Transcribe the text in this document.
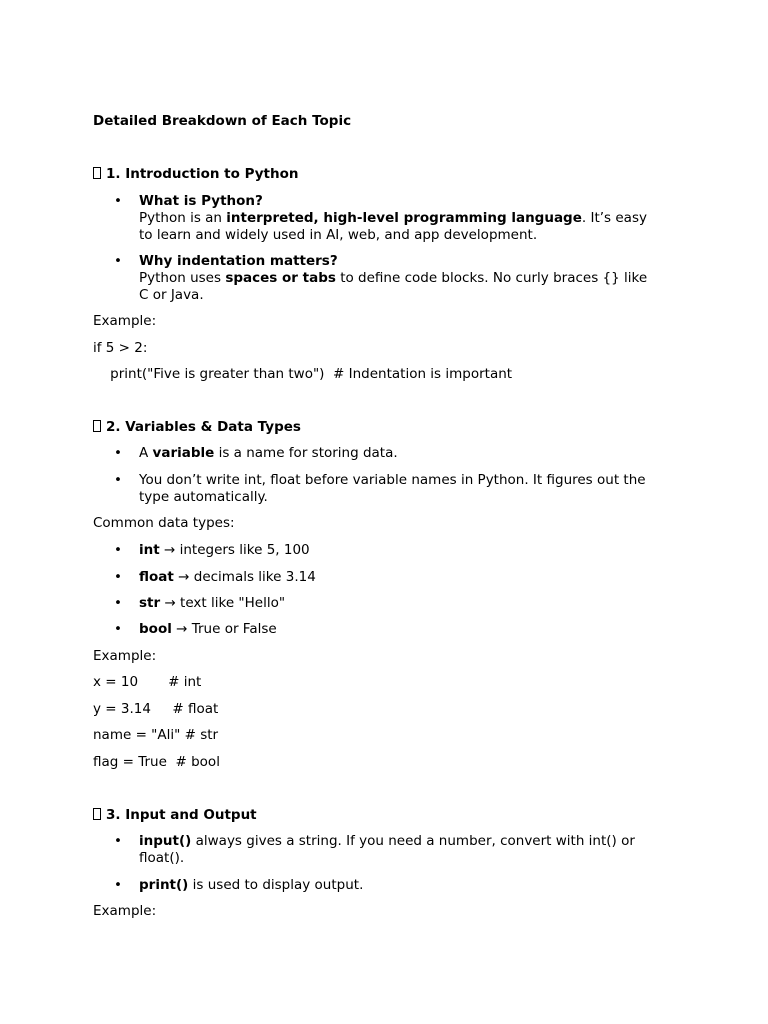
Detailed Breakdown of Each Topic
1. Introduction to Python
• What is Python?
Python is an interpreted, high-level programming language. It’s easy
to learn and widely used in AI, web, and app development.
• Why indentation matters?
Python uses spaces or tabs to define code blocks. No curly braces {} like
C or Java.
Example:
if 5 > 2:
print("Five is greater than two")  # Indentation is important
2. Variables & Data Types
• A variable is a name for storing data.
• You don’t write int, float before variable names in Python. It figures out the
type automatically.
Common data types:
• int → integers like 5, 100
• float → decimals like 3.14
• str → text like "Hello"
• bool → True or False
Example:
x = 10       # int
y = 3.14     # float
name = "Ali" # str
flag = True  # bool
3. Input and Output
• input() always gives a string. If you need a number, convert with int() or
float().
• print() is used to display output.
Example:
